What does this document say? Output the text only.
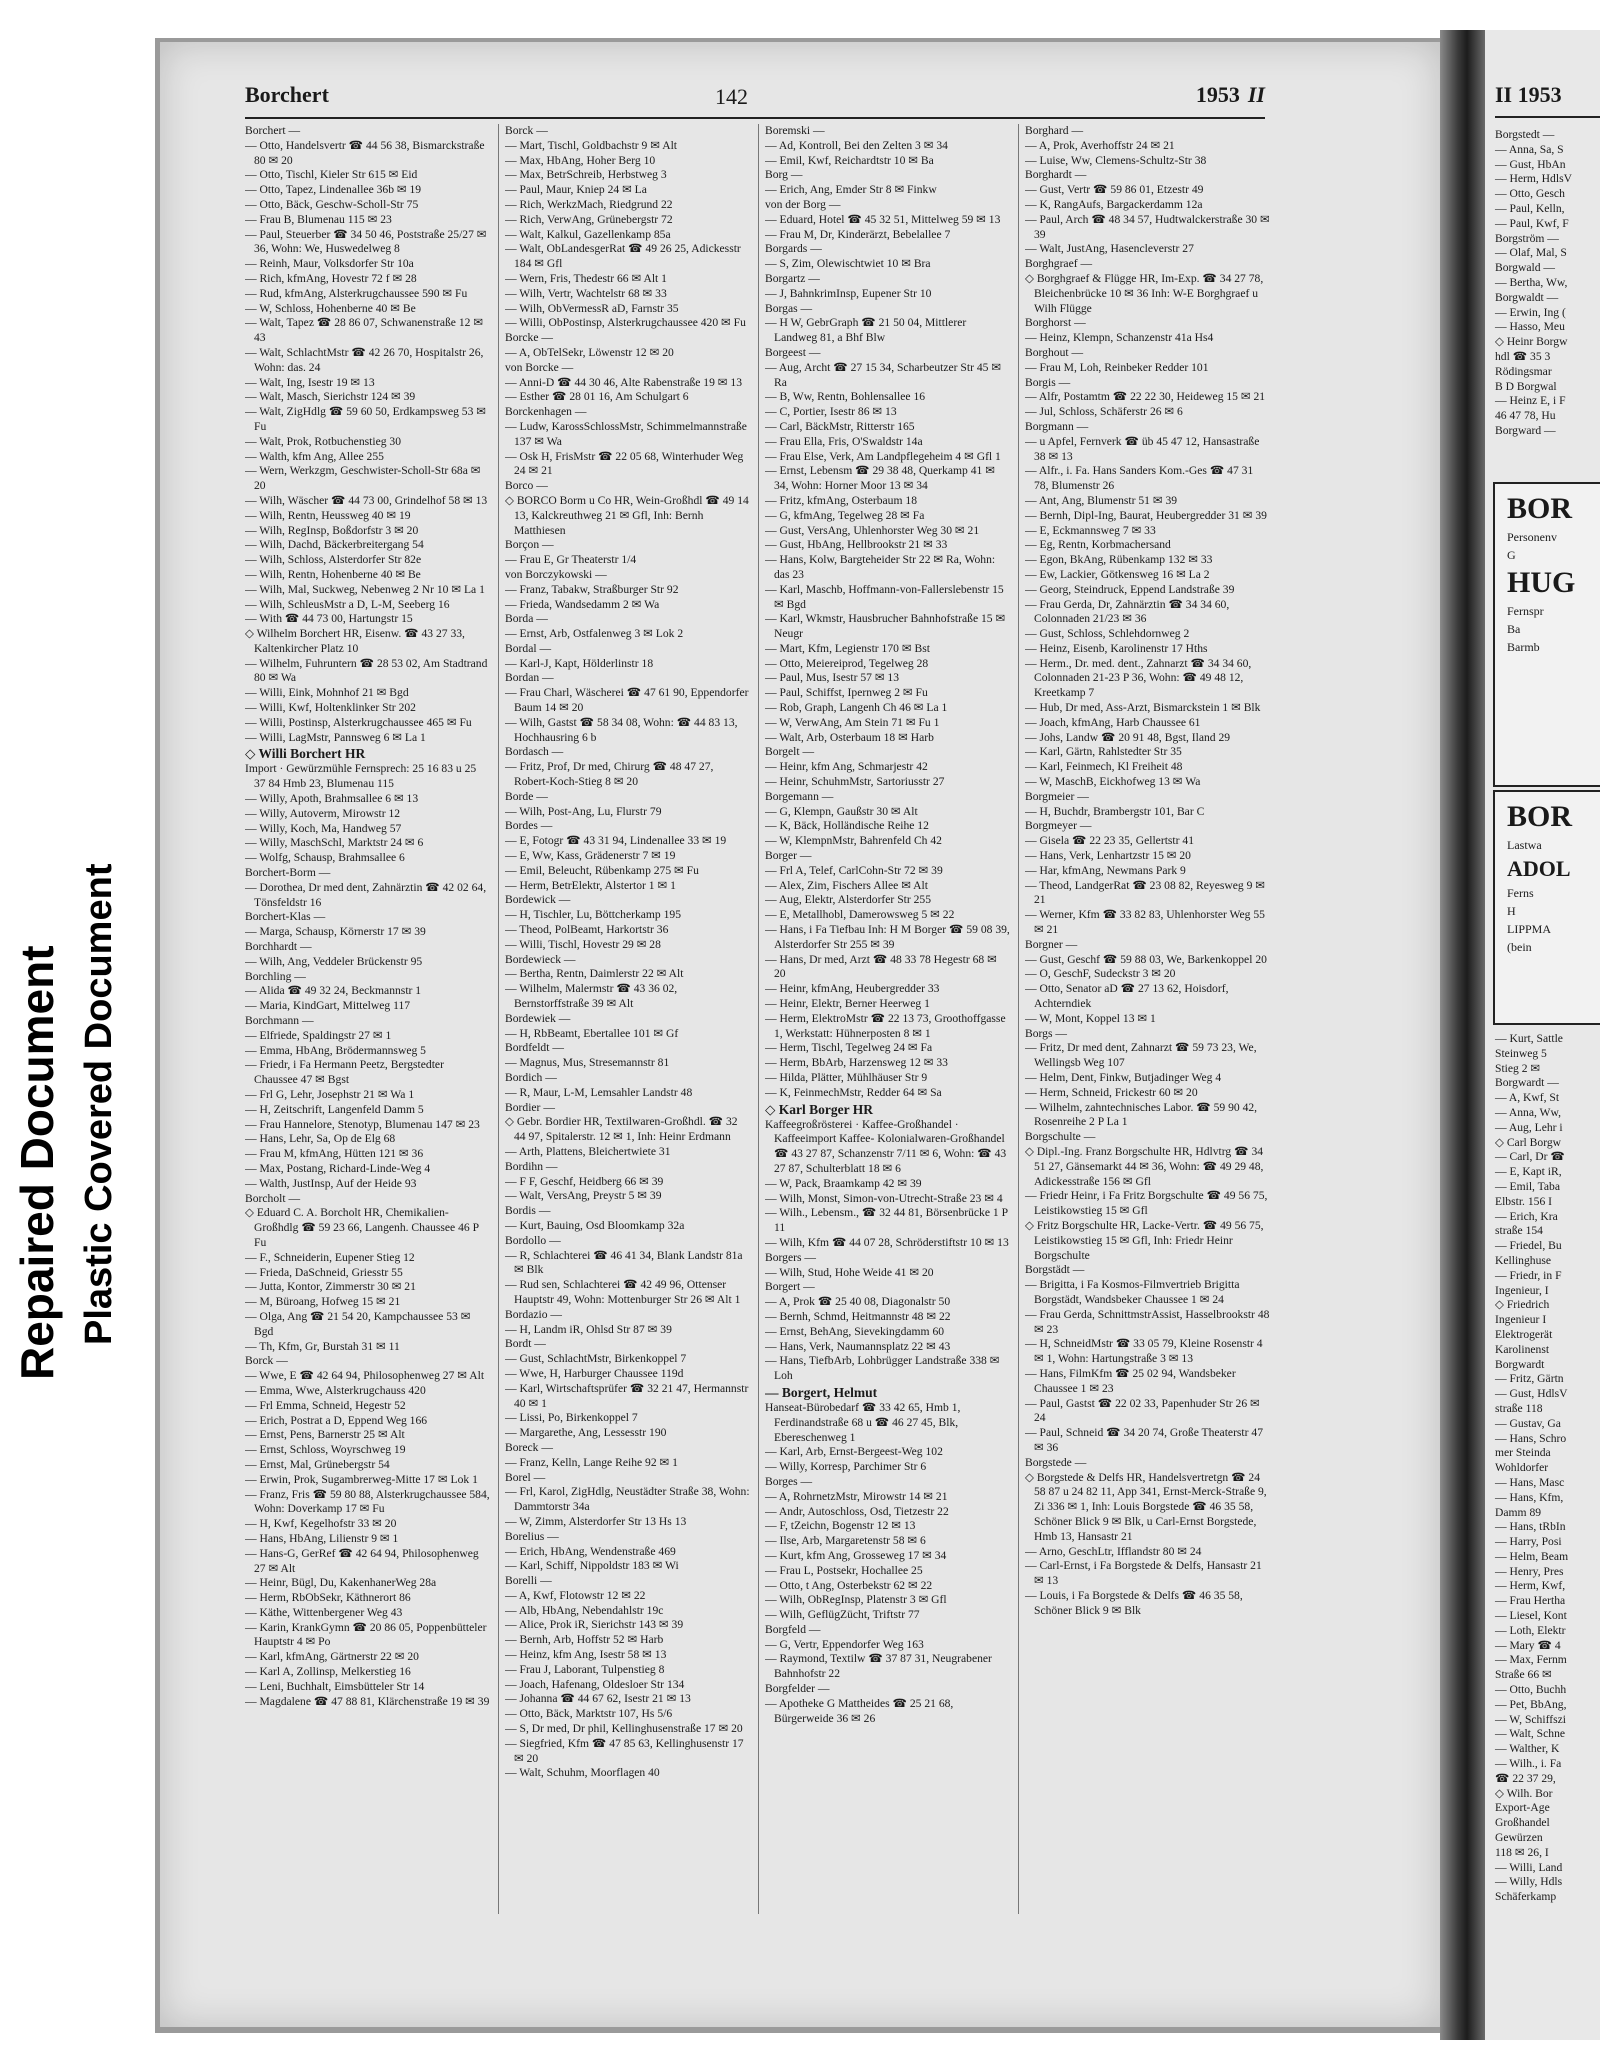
Repaired Document Plastic Covered Document
Borchert	142	1953 II

Borchert —

— Otto, Handelsvertr ☎ 44 56 38, Bismarckstraße 80 ✉ 20

— Otto, Tischl, Kieler Str 615 ✉ Eid

— Otto, Tapez, Lindenallee 36b ✉ 19

— Otto, Bäck, Geschw-Scholl-Str 75

— Frau B, Blumenau 115 ✉ 23

— Paul, Steuerber ☎ 34 50 46, Poststraße 25/27 ✉ 36, Wohn: We, Huswedelweg 8

— Reinh, Maur, Volksdorfer Str 10a

— Rich, kfmAng, Hovestr 72 f ✉ 28

— Rud, kfmAng, Alsterkrugchaussee 590 ✉ Fu

— W, Schloss, Hohenberne 40 ✉ Be

— Walt, Tapez ☎ 28 86 07, Schwanenstraße 12 ✉ 43

— Walt, SchlachtMstr ☎ 42 26 70, Hospitalstr 26, Wohn: das. 24

— Walt, Ing, Isestr 19 ✉ 13

— Walt, Masch, Sierichstr 124 ✉ 39

— Walt, ZigHdlg ☎ 59 60 50, Erdkampsweg 53 ✉ Fu

— Walt, Prok, Rotbuchenstieg 30

— Walth, kfm Ang, Allee 255

— Wern, Werkzgm, Geschwister-Scholl-Str 68a ✉ 20

— Wilh, Wäscher ☎ 44 73 00, Grindelhof 58 ✉ 13

— Wilh, Rentn, Heussweg 40 ✉ 19

— Wilh, RegInsp, Boßdorfstr 3 ✉ 20

— Wilh, Dachd, Bäckerbreitergang 54

— Wilh, Schloss, Alsterdorfer Str 82e

— Wilh, Rentn, Hohenberne 40 ✉ Be

— Wilh, Mal, Suckweg, Nebenweg 2 Nr 10 ✉ La 1

— Wilh, SchleusMstr a D, L-M, Seeberg 16

— With ☎ 44 73 00, Hartungstr 15

◇ Wilhelm Borchert HR, Eisenw. ☎ 43 27 33, Kaltenkircher Platz 10

— Wilhelm, Fuhruntern ☎ 28 53 02, Am Stadtrand 80 ✉ Wa

— Willi, Eink, Mohnhof 21 ✉ Bgd

— Willi, Kwf, Holtenklinker Str 202

— Willi, Postinsp, Alsterkrugchaussee 465 ✉ Fu

— Willi, LagMstr, Pannsweg 6 ✉ La 1

◇ Willi Borchert HR

Import · Gewürzmühle Fernsprech: 25 16 83 u 25 37 84 Hmb 23, Blumenau 115

— Willy, Apoth, Brahmsallee 6 ✉ 13

— Willy, Autoverm, Mirowstr 12

— Willy, Koch, Ma, Handweg 57

— Willy, MaschSchl, Marktstr 24 ✉ 6

— Wolfg, Schausp, Brahmsallee 6

Borchert-Borm —

— Dorothea, Dr med dent, Zahnärztin ☎ 42 02 64, Tönsfeldstr 16

Borchert-Klas —

— Marga, Schausp, Körnerstr 17 ✉ 39

Borchhardt —

— Wilh, Ang, Veddeler Brückenstr 95

Borchling —

— Alida ☎ 49 32 24, Beckmannstr 1

— Maria, KindGart, Mittelweg 117

Borchmann —

— Elfriede, Spaldingstr 27 ✉ 1

— Emma, HbAng, Brödermannsweg 5

— Friedr, i Fa Hermann Peetz, Bergstedter Chaussee 47 ✉ Bgst

— Frl G, Lehr, Josephstr 21 ✉ Wa 1

— H, Zeitschrift, Langenfeld Damm 5

— Frau Hannelore, Stenotyp, Blumenau 147 ✉ 23

— Hans, Lehr, Sa, Op de Elg 68

— Frau M, kfmAng, Hütten 121 ✉ 36

— Max, Postang, Richard-Linde-Weg 4

— Walth, JustInsp, Auf der Heide 93

Borcholt —

◇ Eduard C. A. Borcholt HR, Chemikalien-Großhdlg ☎ 59 23 66, Langenh. Chaussee 46 P Fu

— F., Schneiderin, Eupener Stieg 12

— Frieda, DaSchneid, Griesstr 55

— Jutta, Kontor, Zimmerstr 30 ✉ 21

— M, Büroang, Hofweg 15 ✉ 21

— Olga, Ang ☎ 21 54 20, Kampchaussee 53 ✉ Bgd

— Th, Kfm, Gr, Burstah 31 ✉ 11

Borck —

— Wwe, E ☎ 42 64 94, Philosophenweg 27 ✉ Alt

— Emma, Wwe, Alsterkrugchauss 420

— Frl Emma, Schneid, Hegestr 52

— Erich, Postrat a D, Eppend Weg 166

— Ernst, Pens, Barnerstr 25 ✉ Alt

— Ernst, Schloss, Woyrschweg 19

— Ernst, Mal, Grünebergstr 54

— Erwin, Prok, Sugambrerweg-Mitte 17 ✉ Lok 1

— Franz, Fris ☎ 59 80 88, Alsterkrugchaussee 584, Wohn: Doverkamp 17 ✉ Fu

— H, Kwf, Kegelhofstr 33 ✉ 20

— Hans, HbAng, Lilienstr 9 ✉ 1

— Hans-G, GerRef ☎ 42 64 94, Philosophenweg 27 ✉ Alt

— Heinr, Bügl, Du, KakenhanerWeg 28a

— Herm, RbObSekr, Käthnerort 86

— Käthe, Wittenbergener Weg 43

— Karin, KrankGymn ☎ 20 86 05, Poppenbütteler Hauptstr 4 ✉ Po

— Karl, kfmAng, Gärtnerstr 22 ✉ 20

— Karl A, Zollinsp, Melkerstieg 16

— Leni, Buchhalt, Eimsbütteler Str 14

— Magdalene ☎ 47 88 81, Klärchenstraße 19 ✉ 39

Borck —

— Mart, Tischl, Goldbachstr 9 ✉ Alt

— Max, HbAng, Hoher Berg 10

— Max, BetrSchreib, Herbstweg 3

— Paul, Maur, Kniep 24 ✉ La

— Rich, WerkzMach, Riedgrund 22

— Rich, VerwAng, Grünebergstr 72

— Walt, Kalkul, Gazellenkamp 85a

— Walt, ObLandesgerRat ☎ 49 26 25, Adickesstr 184 ✉ Gfl

— Wern, Fris, Thedestr 66 ✉ Alt 1

— Wilh, Vertr, Wachtelstr 68 ✉ 33

— Wilh, ObVermessR aD, Farnstr 35

— Willi, ObPostinsp, Alsterkrugchaussee 420 ✉ Fu

Borcke —

— A, ObTelSekr, Löwenstr 12 ✉ 20

von Borcke —

— Anni-D ☎ 44 30 46, Alte Rabenstraße 19 ✉ 13

— Esther ☎ 28 01 16, Am Schulgart 6

Borckenhagen —

— Ludw, KarossSchlossMstr, Schimmelmannstraße 137 ✉ Wa

— Osk H, FrisMstr ☎ 22 05 68, Winterhuder Weg 24 ✉ 21

Borco —

◇ BORCO Borm u Co HR, Wein-Großhdl ☎ 49 14 13, Kalckreuthweg 21 ✉ Gfl, Inh: Bernh Matthiesen

Borçon —

— Frau E, Gr Theaterstr 1/4

von Borczykowski —

— Franz, Tabakw, Straßburger Str 92

— Frieda, Wandsedamm 2 ✉ Wa

Borda —

— Ernst, Arb, Ostfalenweg 3 ✉ Lok 2

Bordal —

— Karl-J, Kapt, Hölderlinstr 18

Bordan —

— Frau Charl, Wäscherei ☎ 47 61 90, Eppendorfer Baum 14 ✉ 20

— Wilh, Gastst ☎ 58 34 08, Wohn: ☎ 44 83 13, Hochhausring 6 b

Bordasch —

— Fritz, Prof, Dr med, Chirurg ☎ 48 47 27, Robert-Koch-Stieg 8 ✉ 20

Borde —

— Wilh, Post-Ang, Lu, Flurstr 79

Bordes —

— E, Fotogr ☎ 43 31 94, Lindenallee 33 ✉ 19

— E, Ww, Kass, Grädenerstr 7 ✉ 19

— Emil, Beleucht, Rübenkamp 275 ✉ Fu

— Herm, BetrElektr, Alstertor 1 ✉ 1

Bordewick —

— H, Tischler, Lu, Böttcherkamp 195

— Theod, PolBeamt, Harkortstr 36

— Willi, Tischl, Hovestr 29 ✉ 28

Bordewieck —

— Bertha, Rentn, Daimlerstr 22 ✉ Alt

— Wilhelm, Malermstr ☎ 43 36 02, Bernstorffstraße 39 ✉ Alt

Bordewiek —

— H, RbBeamt, Ebertallee 101 ✉ Gf

Bordfeldt —

— Magnus, Mus, Stresemannstr 81

Bordich —

— R, Maur, L-M, Lemsahler Landstr 48

Bordier —

◇ Gebr. Bordier HR, Textilwaren-Großhdl. ☎ 32 44 97, Spitalerstr. 12 ✉ 1, Inh: Heinr Erdmann

— Arth, Plattens, Bleichertwiete 31

Bordihn —

— F F, Geschf, Heidberg 66 ✉ 39

— Walt, VersAng, Preystr 5 ✉ 39

Bordis —

— Kurt, Bauing, Osd Bloomkamp 32a

Bordollo —

— R, Schlachterei ☎ 46 41 34, Blank Landstr 81a ✉ Blk

— Rud sen, Schlachterei ☎ 42 49 96, Ottenser Hauptstr 49, Wohn: Mottenburger Str 26 ✉ Alt 1

Bordazio —

— H, Landm iR, Ohlsd Str 87 ✉ 39

Bordt —

— Gust, SchlachtMstr, Birkenkoppel 7

— Wwe, H, Harburger Chaussee 119d

— Karl, Wirtschaftsprüfer ☎ 32 21 47, Hermannstr 40 ✉ 1

— Lissi, Po, Birkenkoppel 7

— Margarethe, Ang, Lessesstr 190

Boreck —

— Franz, Kelln, Lange Reihe 92 ✉ 1

Borel —

— Frl, Karol, ZigHdlg, Neustädter Straße 38, Wohn: Dammtorstr 34a

— W, Zimm, Alsterdorfer Str 13 Hs 13

Borelius —

— Erich, HbAng, Wendenstraße 469

— Karl, Schiff, Nippoldstr 183 ✉ Wi

Borelli —

— A, Kwf, Flotowstr 12 ✉ 22

— Alb, HbAng, Nebendahlstr 19c

— Alice, Prok iR, Sierichstr 143 ✉ 39

— Bernh, Arb, Hoffstr 52 ✉ Harb

— Heinz, kfm Ang, Isestr 58 ✉ 13

— Frau J, Laborant, Tulpenstieg 8

— Joach, Hafenang, Oldesloer Str 134

— Johanna ☎ 44 67 62, Isestr 21 ✉ 13

— Otto, Bäck, Marktstr 107, Hs 5/6

— S, Dr med, Dr phil, Kellinghusenstraße 17 ✉ 20

— Siegfried, Kfm ☎ 47 85 63, Kellinghusenstr 17 ✉ 20

— Walt, Schuhm, Moorflagen 40

Boremski —

— Ad, Kontroll, Bei den Zelten 3 ✉ 34

— Emil, Kwf, Reichardtstr 10 ✉ Ba

Borg —

— Erich, Ang, Emder Str 8 ✉ Finkw

von der Borg —

— Eduard, Hotel ☎ 45 32 51, Mittelweg 59 ✉ 13

— Frau M, Dr, Kinderärzt, Bebelallee 7

Borgards —

— S, Zim, Olewischtwiet 10 ✉ Bra

Borgartz —

— J, BahnkrimInsp, Eupener Str 10

Borgas —

— H W, GebrGraph ☎ 21 50 04, Mittlerer Landweg 81, a Bhf Blw

Borgeest —

— Aug, Archt ☎ 27 15 34, Scharbeutzer Str 45 ✉ Ra

— B, Ww, Rentn, Bohlensallee 16

— C, Portier, Isestr 86 ✉ 13

— Carl, BäckMstr, Ritterstr 165

— Frau Ella, Fris, O'Swaldstr 14a

— Frau Else, Verk, Am Landpflegeheim 4 ✉ Gfl 1

— Ernst, Lebensm ☎ 29 38 48, Querkamp 41 ✉ 34, Wohn: Horner Moor 13 ✉ 34

— Fritz, kfmAng, Osterbaum 18

— G, kfmAng, Tegelweg 28 ✉ Fa

— Gust, VersAng, Uhlenhorster Weg 30 ✉ 21

— Gust, HbAng, Hellbrookstr 21 ✉ 33

— Hans, Kolw, Bargteheider Str 22 ✉ Ra, Wohn: das 23

— Karl, Maschb, Hoffmann-von-Fallerslebenstr 15 ✉ Bgd

— Karl, Wkmstr, Hausbrucher Bahnhofstraße 15 ✉ Neugr

— Mart, Kfm, Legienstr 170 ✉ Bst

— Otto, Meiereiprod, Tegelweg 28

— Paul, Mus, Isestr 57 ✉ 13

— Paul, Schiffst, Ipernweg 2 ✉ Fu

— Rob, Graph, Langenh Ch 46 ✉ La 1

— W, VerwAng, Am Stein 71 ✉ Fu 1

— Walt, Arb, Osterbaum 18 ✉ Harb

Borgelt —

— Heinr, kfm Ang, Schmarjestr 42

— Heinr, SchuhmMstr, Sartoriusstr 27

Borgemann —

— G, Klempn, Gaußstr 30 ✉ Alt

— K, Bäck, Holländische Reihe 12

— W, KlempnMstr, Bahrenfeld Ch 42

Borger —

— Frl A, Telef, CarlCohn-Str 72 ✉ 39

— Alex, Zim, Fischers Allee ✉ Alt

— Aug, Elektr, Alsterdorfer Str 255

— E, Metallhobl, Damerowsweg 5 ✉ 22

— Hans, i Fa Tiefbau Inh: H M Borger ☎ 59 08 39, Alsterdorfer Str 255 ✉ 39

— Hans, Dr med, Arzt ☎ 48 33 78 Hegestr 68 ✉ 20

— Heinr, kfmAng, Heubergredder 33

— Heinr, Elektr, Berner Heerweg 1

— Herm, ElektroMstr ☎ 22 13 73, Groothoffgasse 1, Werkstatt: Hühnerposten 8 ✉ 1

— Herm, Tischl, Tegelweg 24 ✉ Fa

— Herm, BbArb, Harzensweg 12 ✉ 33

— Hilda, Plätter, Mühlhäuser Str 9

— K, FeinmechMstr, Redder 64 ✉ Sa

◇ Karl Borger HR

Kaffeegroßrösterei · Kaffee-Großhandel · Kaffeeimport Kaffee- Kolonialwaren-Großhandel ☎ 43 27 87, Schanzenstr 7/11 ✉ 6, Wohn: ☎ 43 27 87, Schulterblatt 18 ✉ 6

— W, Pack, Braamkamp 42 ✉ 39

— Wilh, Monst, Simon-von-Utrecht-Straße 23 ✉ 4

— Wilh., Lebensm., ☎ 32 44 81, Börsenbrücke 1 P 11

— Wilh, Kfm ☎ 44 07 28, Schröderstiftstr 10 ✉ 13

Borgers —

— Wilh, Stud, Hohe Weide 41 ✉ 20

Borgert —

— A, Prok ☎ 25 40 08, Diagonalstr 50

— Bernh, Schmd, Heitmannstr 48 ✉ 22

— Ernst, BehAng, Sievekingdamm 60

— Hans, Verk, Naumannsplatz 22 ✉ 43

— Hans, TiefbArb, Lohbrügger Landstraße 338 ✉ Loh

— Borgert, Helmut

Hanseat-Bürobedarf ☎ 33 42 65, Hmb 1, Ferdinandstraße 68 u ☎ 46 27 45, Blk, Ebereschenweg 1

— Karl, Arb, Ernst-Bergeest-Weg 102

— Willy, Korresp, Parchimer Str 6

Borges —

— A, RohrnetzMstr, Mirowstr 14 ✉ 21

— Andr, Autoschloss, Osd, Tietzestr 22

— F, tZeichn, Bogenstr 12 ✉ 13

— Ilse, Arb, Margaretenstr 58 ✉ 6

— Kurt, kfm Ang, Grosseweg 17 ✉ 34

— Frau L, Postsekr, Hochallee 25

— Otto, t Ang, Osterbekstr 62 ✉ 22

— Wilh, ObRegInsp, Platenstr 3 ✉ Gfl

— Wilh, GeflügZücht, Triftstr 77

Borgfeld —

— G, Vertr, Eppendorfer Weg 163

— Raymond, Textilw ☎ 37 87 31, Neugrabener Bahnhofstr 22

Borgfelder —

— Apotheke G Mattheides ☎ 25 21 68, Bürgerweide 36 ✉ 26

Borghard —

— A, Prok, Averhoffstr 24 ✉ 21

— Luise, Ww, Clemens-Schultz-Str 38

Borghardt —

— Gust, Vertr ☎ 59 86 01, Etzestr 49

— K, RangAufs, Bargackerdamm 12a

— Paul, Arch ☎ 48 34 57, Hudtwalckerstraße 30 ✉ 39

— Walt, JustAng, Hasencleverstr 27

Borghgraef —

◇ Borghgraef & Flügge HR, Im-Exp. ☎ 34 27 78, Bleichenbrücke 10 ✉ 36 Inh: W-E Borghgraef u Wilh Flügge

Borghorst —

— Heinz, Klempn, Schanzenstr 41a Hs4

Borghout —

— Frau M, Loh, Reinbeker Redder 101

Borgis —

— Alfr, Postamtm ☎ 22 22 30, Heideweg 15 ✉ 21

— Jul, Schloss, Schäferstr 26 ✉ 6

Borgmann —

— u Apfel, Fernverk ☎ üb 45 47 12, Hansastraße 38 ✉ 13

— Alfr., i. Fa. Hans Sanders Kom.-Ges ☎ 47 31 78, Blumenstr 26

— Ant, Ang, Blumenstr 51 ✉ 39

— Bernh, Dipl-Ing, Baurat, Heubergredder 31 ✉ 39

— E, Eckmannsweg 7 ✉ 33

— Eg, Rentn, Korbmachersand

— Egon, BkAng, Rübenkamp 132 ✉ 33

— Ew, Lackier, Götkensweg 16 ✉ La 2

— Georg, Steindruck, Eppend Landstraße 39

— Frau Gerda, Dr, Zahnärztin ☎ 34 34 60, Colonnaden 21/23 ✉ 36

— Gust, Schloss, Schlehdornweg 2

— Heinz, Eisenb, Karolinenstr 17 Hths

— Herm., Dr. med. dent., Zahnarzt ☎ 34 34 60, Colonnaden 21-23 P 36, Wohn: ☎ 49 48 12, Kreetkamp 7

— Hub, Dr med, Ass-Arzt, Bismarckstein 1 ✉ Blk

— Joach, kfmAng, Harb Chaussee 61

— Johs, Landw ☎ 20 91 48, Bgst, Iland 29

— Karl, Gärtn, Rahlstedter Str 35

— Karl, Feinmech, Kl Freiheit 48

— W, MaschB, Eickhofweg 13 ✉ Wa

Borgmeier —

— H, Buchdr, Brambergstr 101, Bar C

Borgmeyer —

— Gisela ☎ 22 23 35, Gellertstr 41

— Hans, Verk, Lenhartzstr 15 ✉ 20

— Har, kfmAng, Newmans Park 9

— Theod, LandgerRat ☎ 23 08 82, Reyesweg 9 ✉ 21

— Werner, Kfm ☎ 33 82 83, Uhlenhorster Weg 55 ✉ 21

Borgner —

— Gust, Geschf ☎ 59 88 03, We, Barkenkoppel 20

— O, GeschF, Sudeckstr 3 ✉ 20

— Otto, Senator aD ☎ 27 13 62, Hoisdorf, Achterndiek

— W, Mont, Koppel 13 ✉ 1

Borgs —

— Fritz, Dr med dent, Zahnarzt ☎ 59 73 23, We, Wellingsb Weg 107

— Helm, Dent, Finkw, Butjadinger Weg 4

— Herm, Schneid, Frickestr 60 ✉ 20

— Wilhelm, zahntechnisches Labor. ☎ 59 90 42, Rosenreihe 2 P La 1

Borgschulte —

◇ Dipl.-Ing. Franz Borgschulte HR, Hdlvtrg ☎ 34 51 27, Gänsemarkt 44 ✉ 36, Wohn: ☎ 49 29 48, Adickesstraße 156 ✉ Gfl

— Friedr Heinr, i Fa Fritz Borgschulte ☎ 49 56 75, Leistikowstieg 15 ✉ Gfl

◇ Fritz Borgschulte HR, Lacke-Vertr. ☎ 49 56 75, Leistikowstieg 15 ✉ Gfl, Inh: Friedr Heinr Borgschulte

Borgstädt —

— Brigitta, i Fa Kosmos-Filmvertrieb Brigitta Borgstädt, Wandsbeker Chaussee 1 ✉ 24

— Frau Gerda, SchnittmstrAssist, Hasselbrookstr 48 ✉ 23

— H, SchneidMstr ☎ 33 05 79, Kleine Rosenstr 4 ✉ 1, Wohn: Hartungstraße 3 ✉ 13

— Hans, FilmKfm ☎ 25 02 94, Wandsbeker Chaussee 1 ✉ 23

— Paul, Gastst ☎ 22 02 33, Papenhuder Str 26 ✉ 24

— Paul, Schneid ☎ 34 20 74, Große Theaterstr 47 ✉ 36

Borgstede —

◇ Borgstede & Delfs HR, Handelsvertretgn ☎ 24 58 87 u 24 82 11, App 341, Ernst-Merck-Straße 9, Zi 336 ✉ 1, Inh: Louis Borgstede ☎ 46 35 58, Schöner Blick 9 ✉ Blk, u Carl-Ernst Borgstede, Hmb 13, Hansastr 21

— Arno, GeschLtr, Ifflandstr 80 ✉ 24

— Carl-Ernst, i Fa Borgstede & Delfs, Hansastr 21 ✉ 13

— Louis, i Fa Borgstede & Delfs ☎ 46 35 58, Schöner Blick 9 ✉ Blk

II 1953
Borgstedt —
— Anna, Sa, S
— Gust, HbAn
— Herm, HdlsV
— Otto, Gesch
— Paul, Kelln,
— Paul, Kwf, F
Borgström —
— Olaf, Mal, S
Borgwald —
— Bertha, Ww,
Borgwaldt —
— Erwin, Ing (
— Hasso, Meu
◇ Heinr Borgw
hdl ☎ 35 3
Rödingsmar
B D Borgwal
— Heinz E, i F
46 47 78, Hu
Borgward —
BOR
Personenv
G
HUG
Fernspr
Ba
Barmb
BOR
Lastwa
ADOL
Ferns
H
LIPPMA
(bein
— Kurt, Sattle
Steinweg 5
Stieg 2 ✉
Borgwardt —
— A, Kwf, St
— Anna, Ww,
— Aug, Lehr i
◇ Carl Borgw
— Carl, Dr ☎
— E, Kapt iR,
— Emil, Taba
Elbstr. 156 I
— Erich, Kra
straße 154
— Friedel, Bu
Kellinghuse
— Friedr, in F
Ingenieur, I
◇ Friedrich
Ingenieur I
Elektrogerät
Karolinenst
Borgwardt
— Fritz, Gärtn
— Gust, HdlsV
straße 118
— Gustav, Ga
— Hans, Schro
mer Steinda
Wohldorfer
— Hans, Masc
— Hans, Kfm,
Damm 89
— Hans, tRbIn
— Harry, Posi
— Helm, Beam
— Henry, Pres
— Herm, Kwf,
— Frau Hertha
— Liesel, Kont
— Loth, Elektr
— Mary ☎ 4
— Max, Fernm
Straße 66 ✉
— Otto, Buchh
— Pet, BbAng,
— W, Schiffszi
— Walt, Schne
— Walther, K
— Wilh., i. Fa
☎ 22 37 29,
◇ Wilh. Bor
Export-Age
Großhandel
Gewürzen
118 ✉ 26, I
— Willi, Land
— Willy, Hdls
Schäferkamp
